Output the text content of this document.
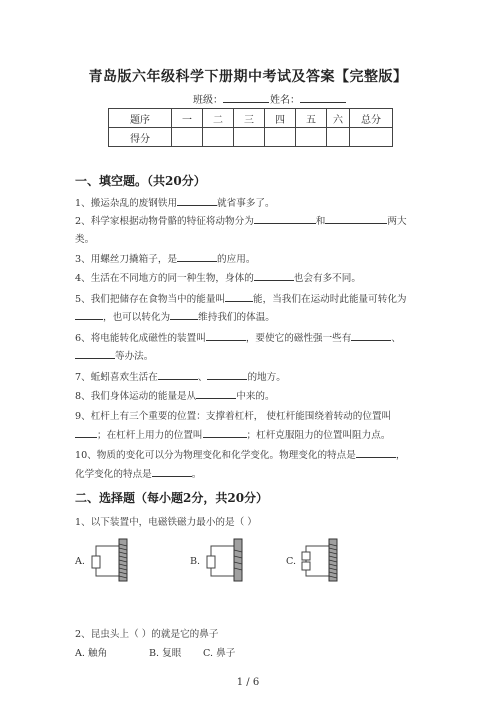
青岛版六年级科学下册期中考试及答案【完整版】
班级：	姓名：
题序	一	二	三	四	五	六	总分
得分							
一、填空题。（共20分）
1、搬运杂乱的废钢铁用	就省事多了。
2、科学家根据动物骨骼的特征将动物分为	和	两大
类。
3、用螺丝刀撬箱子，是	的应用。
4、生活在不同地方的同一种生物，身体的	也会有多不同。
5、我们把储存在食物当中的能量叫	能，当我们在运动时此能量可转化为
，也可以转化为	维持我们的体温。
6、将电能转化成磁性的装置叫	，要使它的磁性强一些有	、
等办法。
7、蚯蚓喜欢生活在	、	的地方。
8、我们身体运动的能量是从	中来的。
9、杠杆上有三个重要的位置：支撑着杠杆， 使杠杆能围绕着转动的位置叫
；在杠杆上用力的位置叫	；杠杆克服阻力的位置叫阻力点。
10、物质的变化可以分为物理变化和化学变化。物理变化的特点是	，
化学变化的特点是	。
二、选择题（每小题2分，共20分）
1、以下装置中，电磁铁磁力最小的是（ ）
A.	B.	C.
2、昆虫头上（ ）的就是它的鼻子
A. 触角	B. 复眼 C. 鼻子
1 / 6
